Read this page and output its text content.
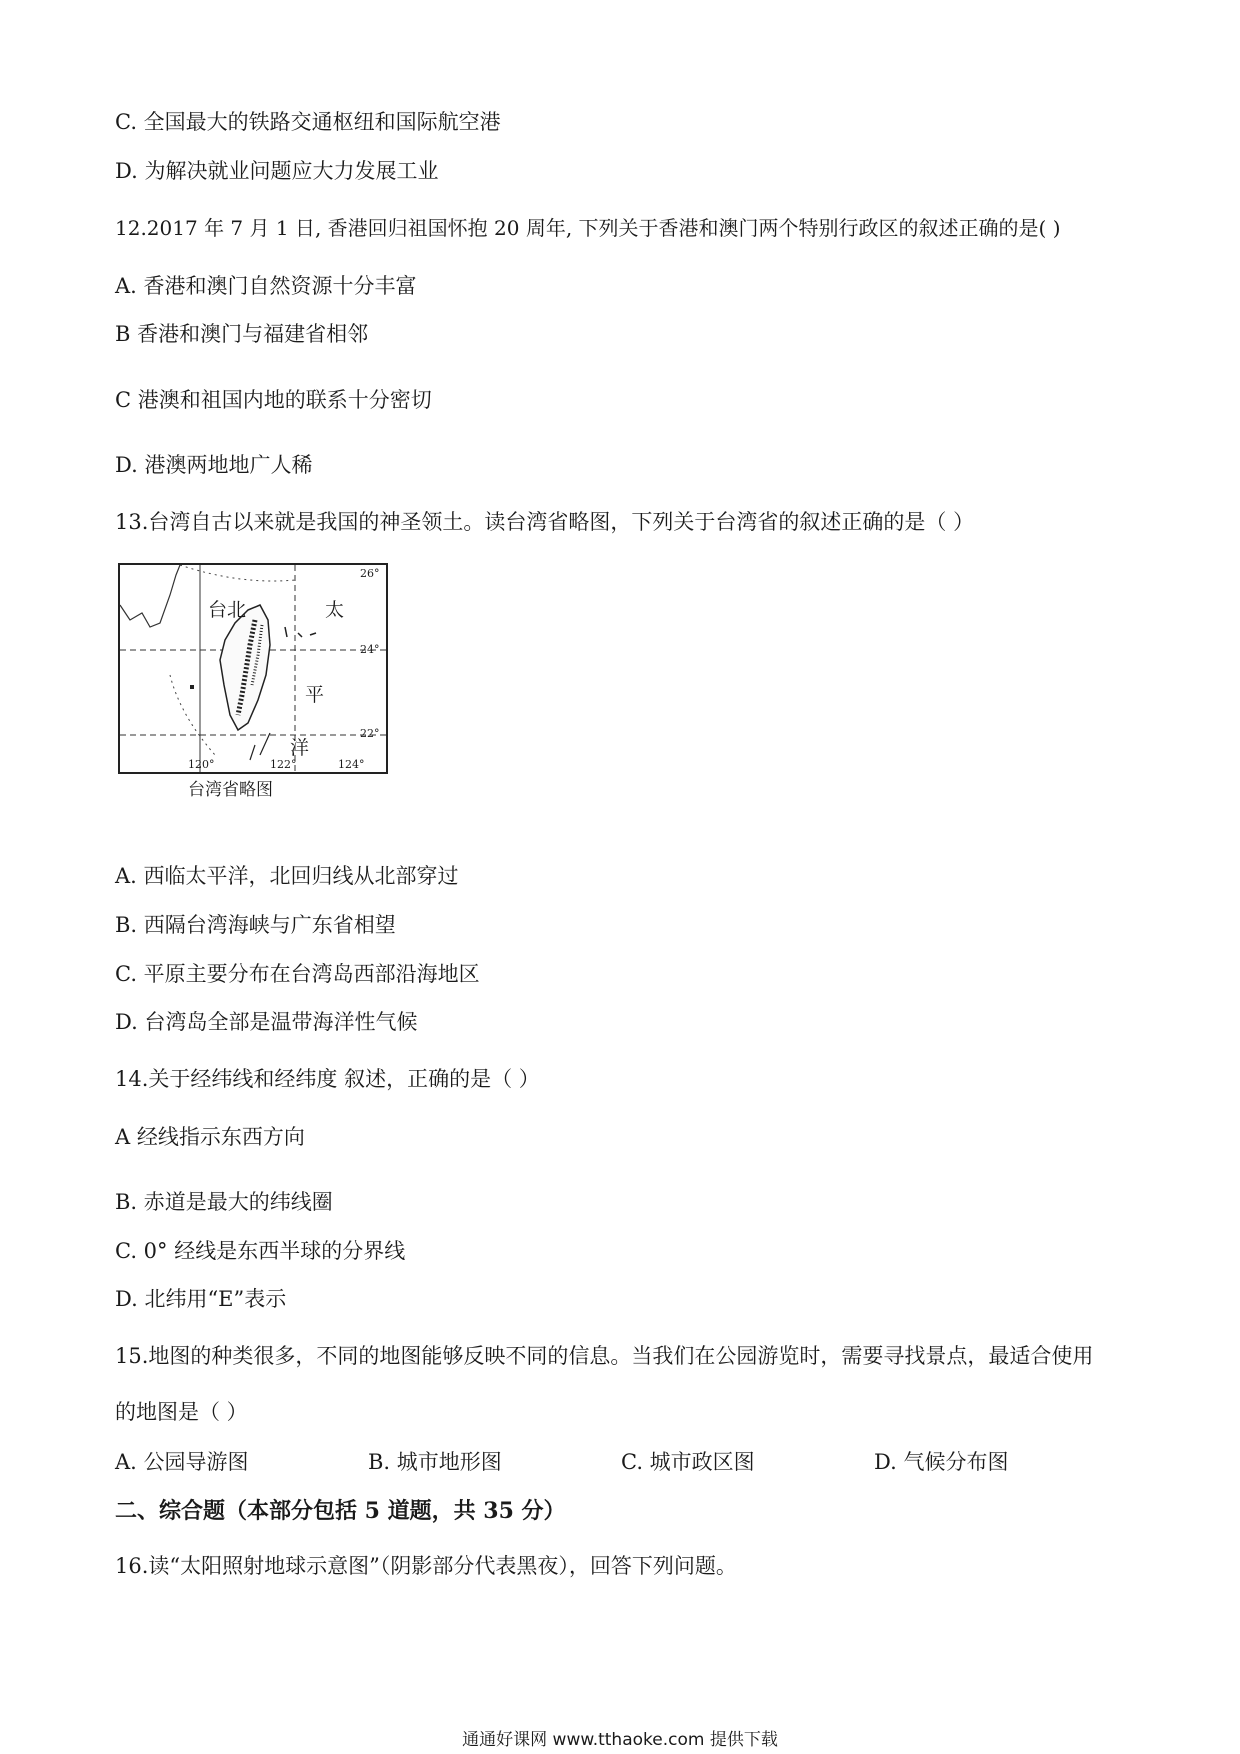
C. 全国最大的铁路交通枢纽和国际航空港
D. 为解决就业问题应大力发展工业
12.2017 年 7 月 1 日, 香港回归祖国怀抱 20 周年, 下列关于香港和澳门两个特别行政区的叙述正确的是( )
A. 香港和澳门自然资源十分丰富
B 香港和澳门与福建省相邻
C 港澳和祖国内地的联系十分密切
D. 港澳两地地广人稀
13.台湾自古以来就是我国的神圣领土。读台湾省略图，下列关于台湾省的叙述正确的是（ ）
台北	太
平
洋
26°
24°
22°
120°	122°	124°
台湾省略图
A. 西临太平洋，北回归线从北部穿过
B. 西隔台湾海峡与广东省相望
C. 平原主要分布在台湾岛西部沿海地区
D. 台湾岛全部是温带海洋性气候
14.关于经纬线和经纬度 叙述，正确的是（ ）
A 经线指示东西方向
B. 赤道是最大的纬线圈
C. 0° 经线是东西半球的分界线
D. 北纬用“E”表示
15.地图的种类很多，不同的地图能够反映不同的信息。当我们在公园游览时，需要寻找景点，最适合使用
的地图是（ ）
A. 公园导游图	B. 城市地形图	C. 城市政区图	D. 气候分布图
二、综合题（本部分包括 5 道题，共 35 分）
16.读“太阳照射地球示意图”（阴影部分代表黑夜），回答下列问题。
通通好课网 www.tthaoke.com 提供下载
